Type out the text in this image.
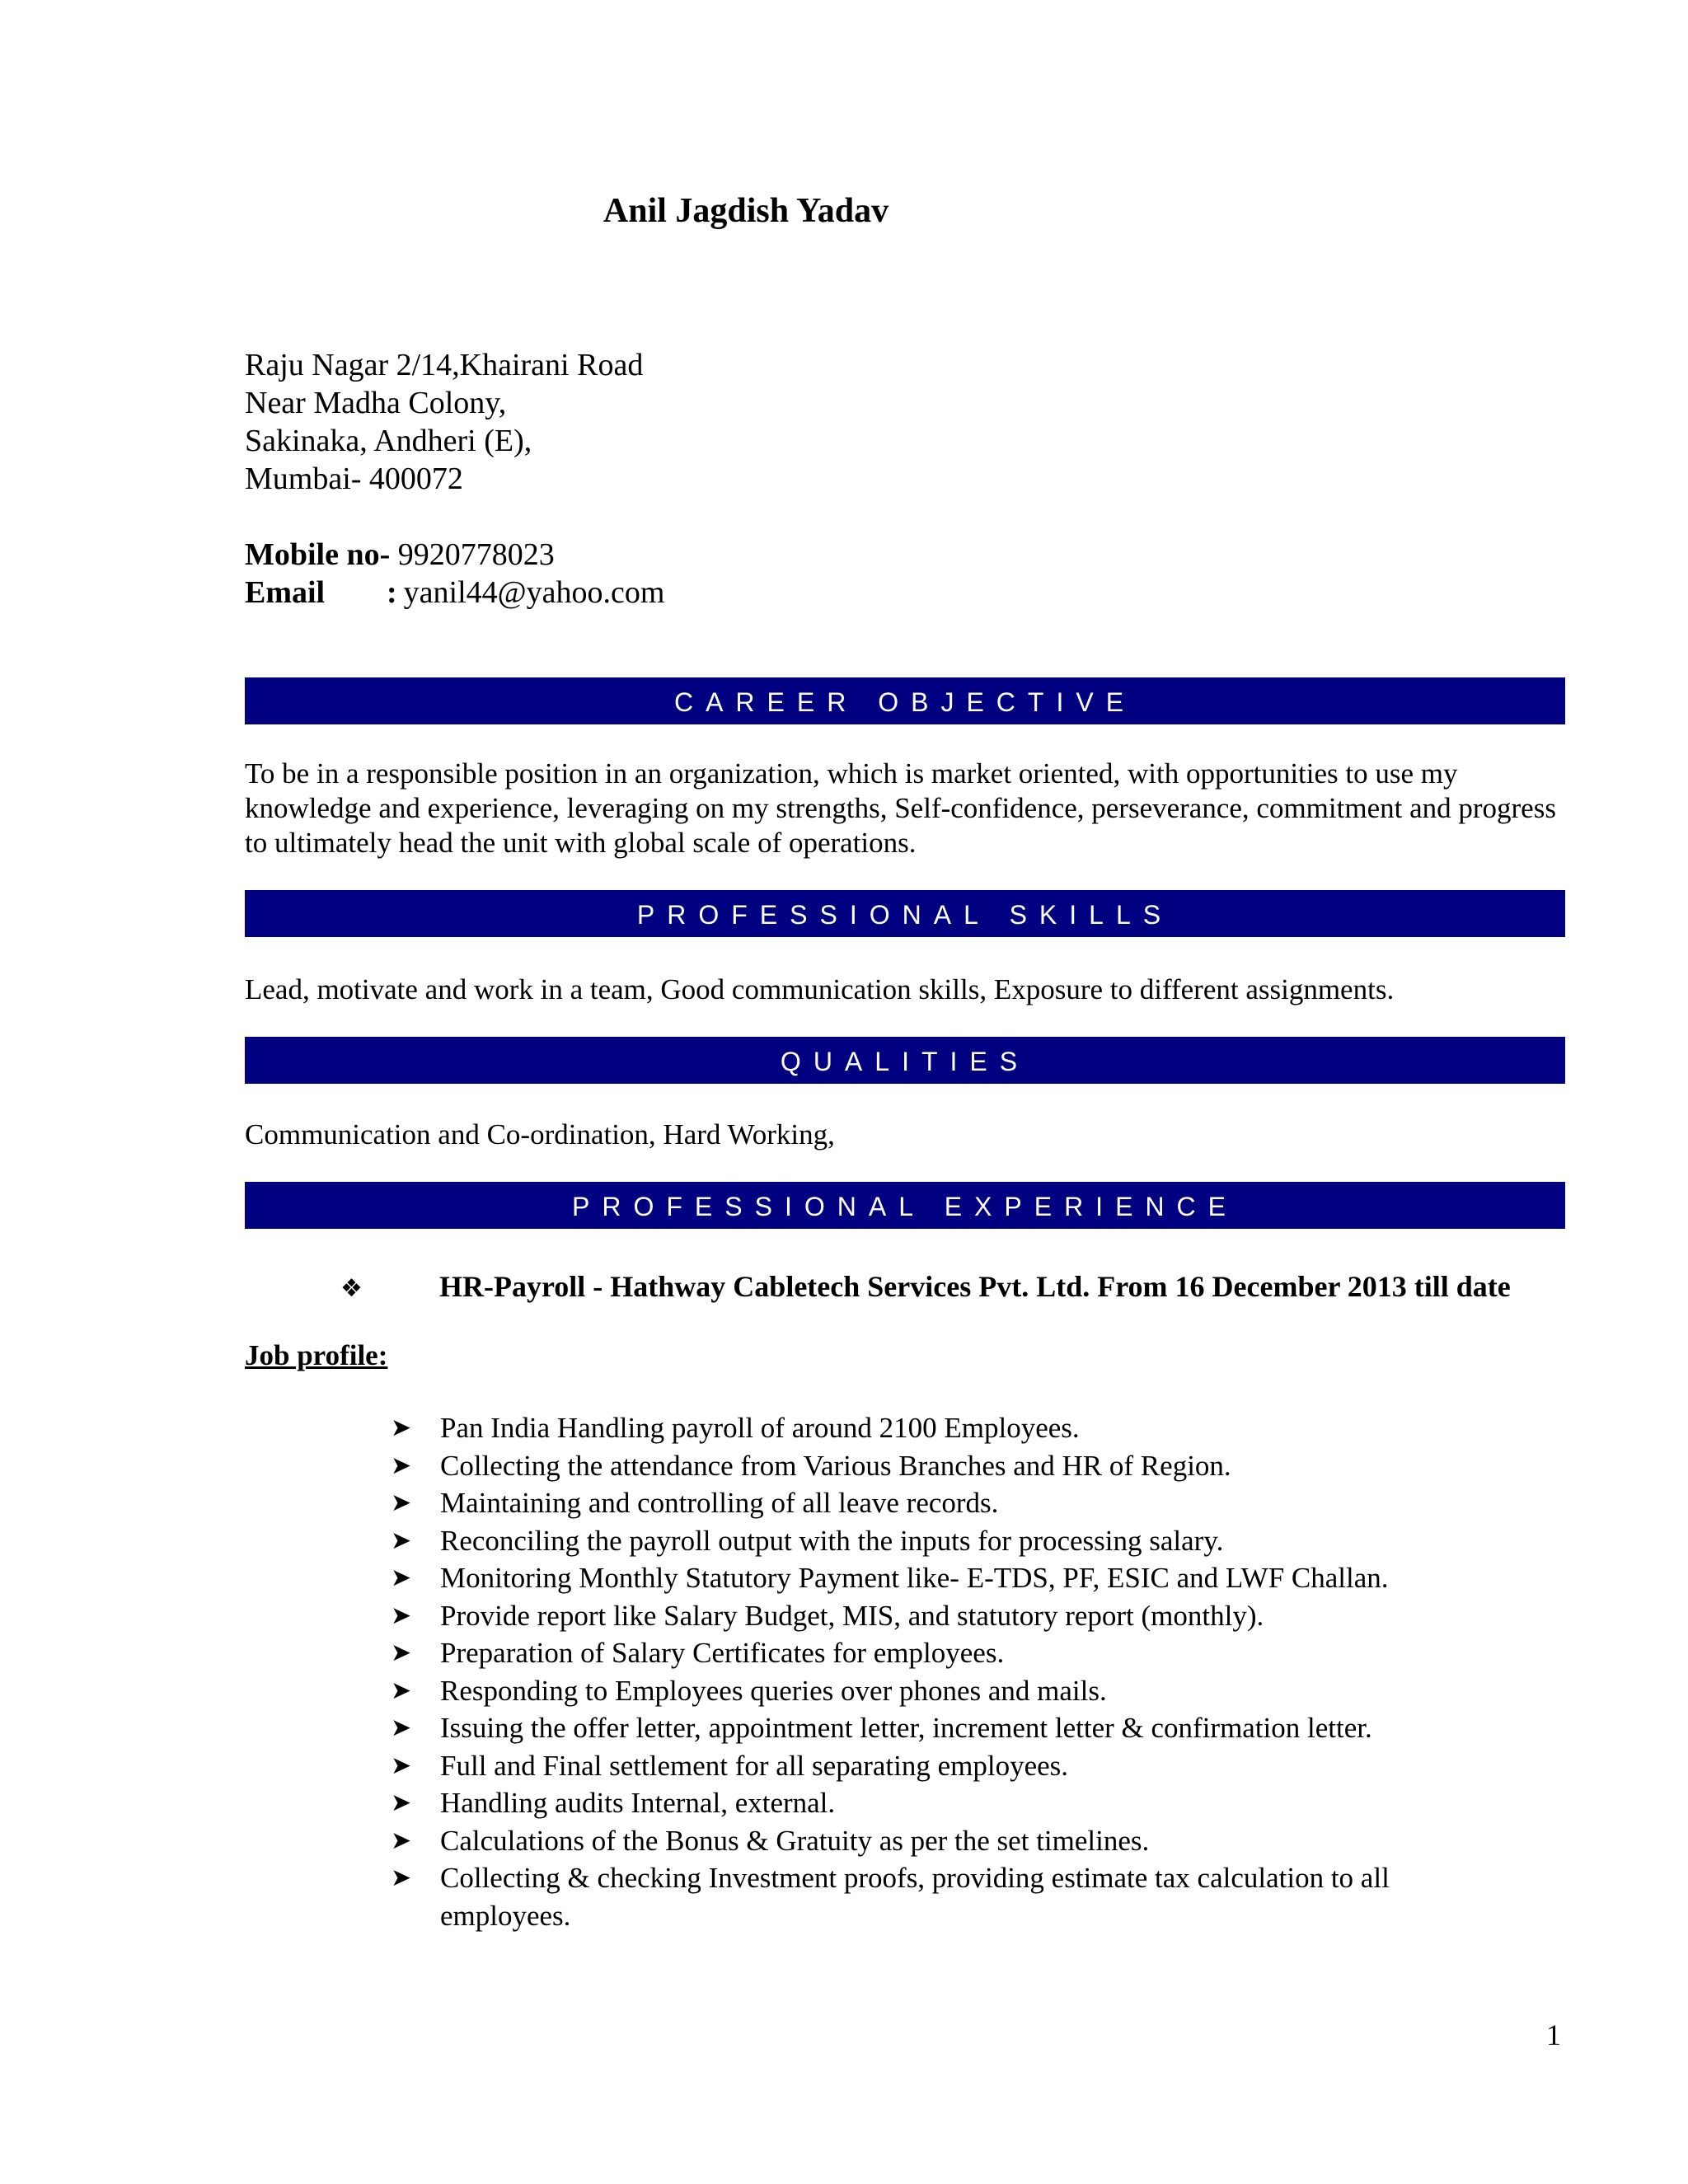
Anil Jagdish Yadav
Raju Nagar 2/14,Khairani Road
Near Madha Colony,
Sakinaka, Andheri (E),
Mumbai- 400072
Mobile no- 9920778023
Email : yanil44@yahoo.com
CAREER OBJECTIVE
To be in a responsible position in an organization, which is market oriented, with opportunities to use my knowledge and experience, leveraging on my strengths, Self-confidence, perseverance, commitment and progress to ultimately head the unit with global scale of operations.
PROFESSIONAL SKILLS
Lead, motivate and work in a team, Good communication skills, Exposure to different assignments.
QUALITIES
Communication and Co-ordination, Hard Working,
PROFESSIONAL EXPERIENCE
❖	HR-Payroll - Hathway Cabletech Services Pvt. Ltd. From 16 December 2013 till date
Job profile:
➤ Pan India Handling payroll of around 2100 Employees.
➤ Collecting the attendance from Various Branches and HR of Region.
➤ Maintaining and controlling of all leave records.
➤ Reconciling the payroll output with the inputs for processing salary.
➤ Monitoring Monthly Statutory Payment like- E-TDS, PF, ESIC and LWF Challan.
➤ Provide report like Salary Budget, MIS, and statutory report (monthly).
➤ Preparation of Salary Certificates for employees.
➤ Responding to Employees queries over phones and mails.
➤ Issuing the offer letter, appointment letter, increment letter & confirmation letter.
➤ Full and Final settlement for all separating employees.
➤ Handling audits Internal, external.
➤ Calculations of the Bonus & Gratuity as per the set timelines.
➤ Collecting & checking Investment proofs, providing estimate tax calculation to all employees.
1
